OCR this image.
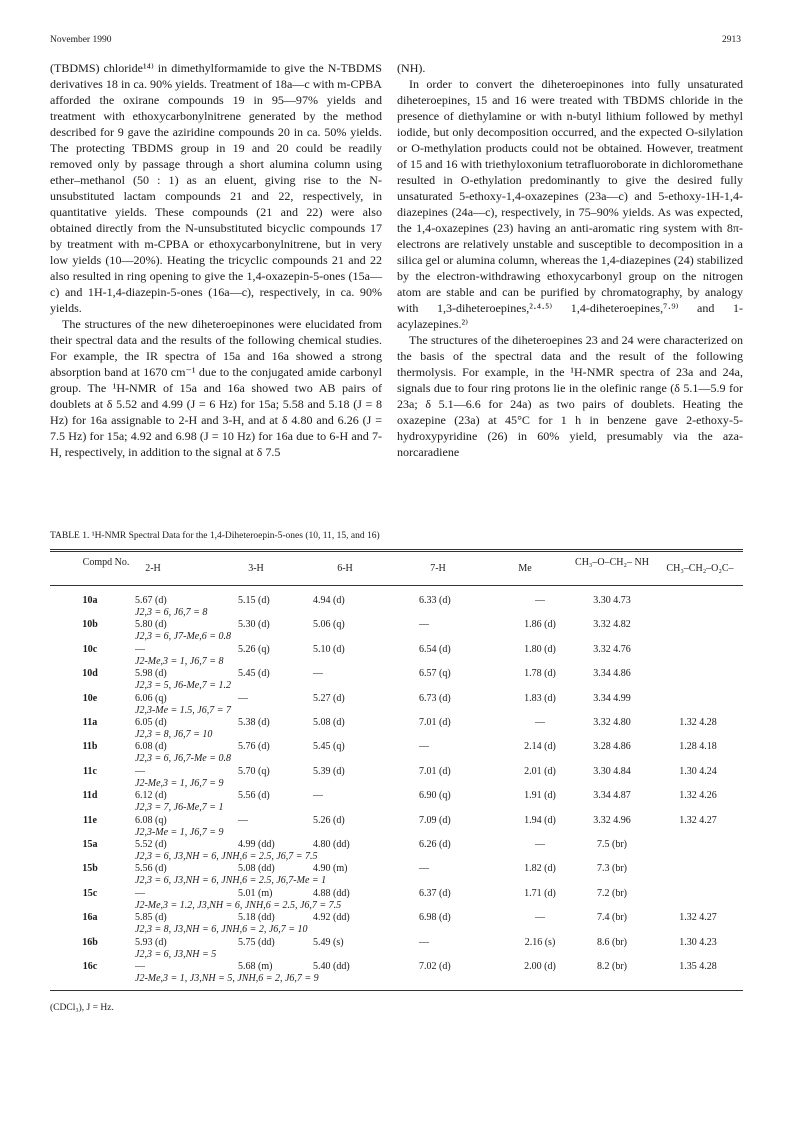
November 1990	2913

(TBDMS) chloride¹⁴⁾ in dimethylformamide to give the N-TBDMS derivatives 18 in ca. 90% yields. Treatment of 18a—c with m-CPBA afforded the oxirane compounds 19 in 95—97% yields and treatment with ethoxycarbonylnitrene generated by the method described for 9 gave the aziridine compounds 20 in ca. 50% yields. The protecting TBDMS group in 19 and 20 could be readily removed only by passage through a short alumina column using ether–methanol (50 : 1) as an eluent, giving rise to the N-unsubstituted lactam compounds 21 and 22, respectively, in quantitative yields. These compounds (21 and 22) were also obtained directly from the N-unsubstituted bicyclic compounds 17 by treatment with m-CPBA or ethoxycarbonylnitrene, but in very low yields (10—20%). Heating the tricyclic compounds 21 and 22 also resulted in ring opening to give the 1,4-oxazepin-5-ones (15a—c) and 1H-1,4-diazepin-5-ones (16a—c), respectively, in ca. 90% yields.

The structures of the new diheteroepinones were elucidated from their spectral data and the results of the following chemical studies. For example, the IR spectra of 15a and 16a showed a strong absorption band at 1670 cm⁻¹ due to the conjugated amide carbonyl group. The ¹H-NMR of 15a and 16a showed two AB pairs of doublets at δ 5.52 and 4.99 (J = 6 Hz) for 15a; 5.58 and 5.18 (J = 8 Hz) for 16a assignable to 2-H and 3-H, and at δ 4.80 and 6.26 (J = 7.5 Hz) for 15a; 4.92 and 6.98 (J = 10 Hz) for 16a due to 6-H and 7-H, respectively, in addition to the signal at δ 7.5

(NH).

In order to convert the diheteroepinones into fully unsaturated diheteroepines, 15 and 16 were treated with TBDMS chloride in the presence of diethylamine or with n-butyl lithium followed by methyl iodide, but only decomposition occurred, and the expected O-silylation or O-methylation products could not be obtained. However, treatment of 15 and 16 with triethyloxonium tetrafluoroborate in dichloromethane resulted in O-ethylation predominantly to give the desired fully unsaturated 5-ethoxy-1,4-oxazepines (23a—c) and 5-ethoxy-1H-1,4-diazepines (24a—c), respectively, in 75–90% yields. As was expected, the 1,4-oxazepines (23) having an anti-aromatic ring system with 8π-electrons are relatively unstable and susceptible to decomposition in a silica gel or alumina column, whereas the 1,4-diazepines (24) stabilized by the electron-withdrawing ethoxycarbonyl group on the nitrogen atom are stable and can be purified by chromatography, by analogy with 1,3-diheteroepines,²·⁴·⁵⁾ 1,4-diheteroepines,⁷·⁹⁾ and 1-acylazepines.²⁾

The structures of the diheteroepines 23 and 24 were characterized on the basis of the spectral data and the result of the following thermolysis. For example, in the ¹H-NMR spectra of 23a and 24a, signals due to four ring protons lie in the olefinic range (δ 5.1—5.9 for 23a; δ 5.1—6.6 for 24a) as two pairs of doublets. Heating the oxazepine (23a) at 45°C for 1 h in benzene gave 2-ethoxy-5-hydroxypyridine (26) in 60% yield, presumably via the aza-norcaradiene

TABLE 1. ¹H-NMR Spectral Data for the 1,4-Diheteroepin-5-ones (10, 11, 15, and 16)
Compd No.
2-H	3-H	6-H	7-H	Me
CH₃–O–CH₂– NH
CH₃–CH₂–O₂C–
10a	5.67 (d)	5.15 (d)	4.94 (d)	6.33 (d)	—	3.30 4.73
J2,3 = 6, J6,7 = 8
10b	5.80 (d)	5.30 (d)	5.06 (q)	—	1.86 (d)	3.32 4.82
J2,3 = 6, J7-Me,6 = 0.8
10c	—	5.26 (q)	5.10 (d)	6.54 (d)	1.80 (d)	3.32 4.76
J2-Me,3 = 1, J6,7 = 8
10d	5.98 (d)	5.45 (d)	—	6.57 (q)	1.78 (d)	3.34 4.86
J2,3 = 5, J6-Me,7 = 1.2
10e	6.06 (q)	—	5.27 (d)	6.73 (d)	1.83 (d)	3.34 4.99
J2,3-Me = 1.5, J6,7 = 7
11a	6.05 (d)	5.38 (d)	5.08 (d)	7.01 (d)	—	3.32 4.80	1.32 4.28
J2,3 = 8, J6,7 = 10
11b	6.08 (d)	5.76 (d)	5.45 (q)	—	2.14 (d)	3.28 4.86	1.28 4.18
J2,3 = 6, J6,7-Me = 0.8
11c	—	5.70 (q)	5.39 (d)	7.01 (d)	2.01 (d)	3.30 4.84	1.30 4.24
J2-Me,3 = 1, J6,7 = 9
11d	6.12 (d)	5.56 (d)	—	6.90 (q)	1.91 (d)	3.34 4.87	1.32 4.26
J2,3 = 7, J6-Me,7 = 1
11e	6.08 (q)	—	5.26 (d)	7.09 (d)	1.94 (d)	3.32 4.96	1.32 4.27
J2,3-Me = 1, J6,7 = 9
15a	5.52 (d)	4.99 (dd)	4.80 (dd)	6.26 (d)	—	7.5 (br)
J2,3 = 6, J3,NH = 6, JNH,6 = 2.5, J6,7 = 7.5
15b	5.56 (d)	5.08 (dd)	4.90 (m)	—	1.82 (d)	7.3 (br)
J2,3 = 6, J3,NH = 6, JNH,6 = 2.5, J6,7-Me = 1
15c	—	5.01 (m)	4.88 (dd)	6.37 (d)	1.71 (d)	7.2 (br)
J2-Me,3 = 1.2, J3,NH = 6, JNH,6 = 2.5, J6,7 = 7.5
16a	5.85 (d)	5.18 (dd)	4.92 (dd)	6.98 (d)	—	7.4 (br)	1.32 4.27
J2,3 = 8, J3,NH = 6, JNH,6 = 2, J6,7 = 10
16b	5.93 (d)	5.75 (dd)	5.49 (s)	—	2.16 (s)	8.6 (br)	1.30 4.23
J2,3 = 6, J3,NH = 5
16c	—	5.68 (m)	5.40 (dd)	7.02 (d)	2.00 (d)	8.2 (br)	1.35 4.28
J2-Me,3 = 1, J3,NH = 5, JNH,6 = 2, J6,7 = 9
(CDCl₃), J = Hz.
